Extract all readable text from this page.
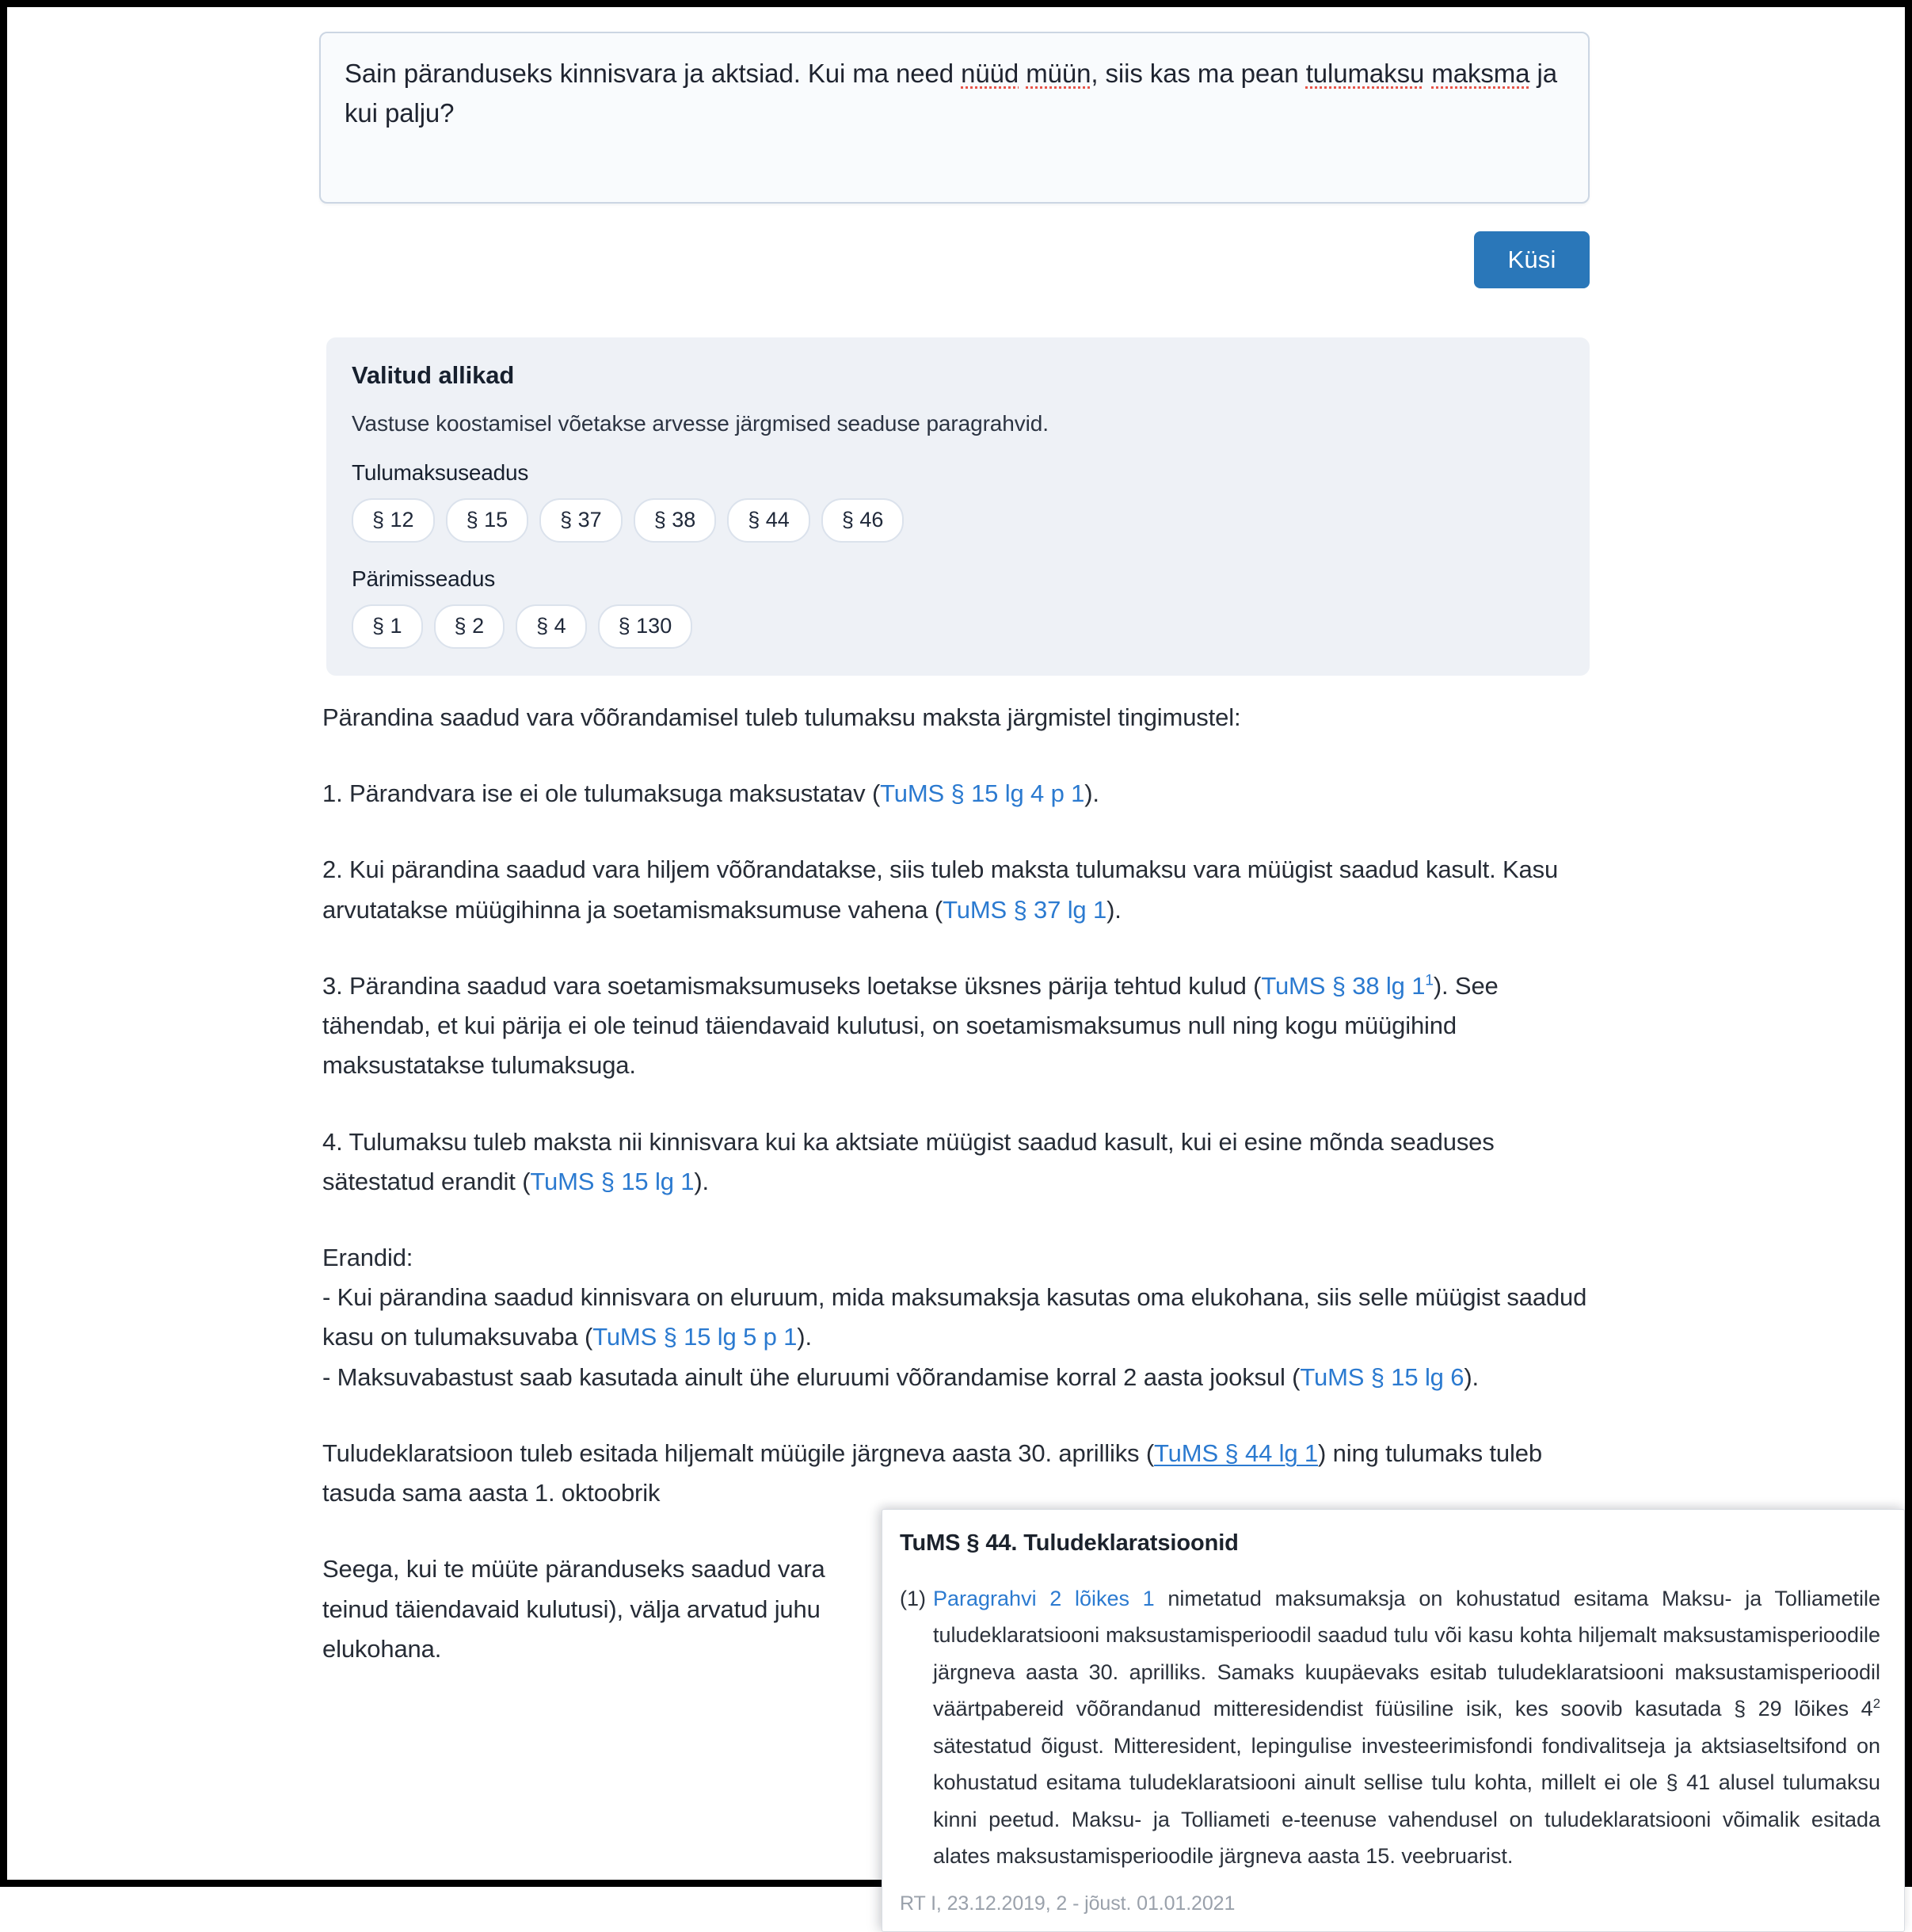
Sain päranduseks kinnisvara ja aktsiad. Kui ma need nüüd müün, siis kas ma pean tulumaksu maksma ja kui palju?
Küsi
Valitud allikad
Vastuse koostamisel võetakse arvesse järgmised seaduse paragrahvid.
Tulumaksuseadus
§ 12	§ 15	§ 37	§ 38	§ 44	§ 46
Pärimisseadus
§ 1	§ 2	§ 4	§ 130

Pärandina saadud vara võõrandamisel tuleb tulumaksu maksta järgmistel tingimustel:

1. Pärandvara ise ei ole tulumaksuga maksustatav (TuMS § 15 lg 4 p 1).

2. Kui pärandina saadud vara hiljem võõrandatakse, siis tuleb maksta tulumaksu vara müügist saadud kasult. Kasu arvutatakse müügihinna ja soetamismaksumuse vahena (TuMS § 37 lg 1).

3. Pärandina saadud vara soetamismaksumuseks loetakse üksnes pärija tehtud kulud (TuMS § 38 $\lg 1^1$). See tähendab, et kui pärija ei ole teinud täiendavaid kulutusi, on soetamismaksumus null ning kogu müügihind maksustatakse tulumaksuga.

4. Tulumaksu tuleb maksta nii kinnisvara kui ka aktsiate müügist saadud kasult, kui ei esine mõnda seaduses sätestatud erandit (TuMS § 15 lg 1).

Erandid:

- Kui pärandina saadud kinnisvara on eluruum, mida maksumaksja kasutas oma elukohana, siis selle müügist saadud kasu on tulumaksuvaba (TuMS § 15 lg 5 p 1).

- Maksuvabastust saab kasutada ainult ühe eluruumi võõrandamise korral 2 aasta jooksul (TuMS § 15 lg 6).

Tuludeklaratsioon tuleb esitada hiljemalt müügile järgneva aasta 30. aprilliks (TuMS § 44 lg 1) ning tulumaks tuleb tasuda sama aasta 1. oktoobrik

Seega, kui te müüte päranduseks saadud vara

teinud täiendavaid kulutusi), välja arvatud juhu

elukohana.

TuMS § 44. Tuludeklaratsioonid
(1) Paragrahvi 2 lõikes 1 nimetatud maksumaksja on kohustatud esitama Maksu- ja Tolliametile tuludeklaratsiooni maksustamisperioodil saadud tulu või kasu kohta hiljemalt maksustamisperioodile järgneva aasta 30. aprilliks. Samaks kuupäevaks esitab tuludeklaratsiooni maksustamisperioodil väärtpabereid võõrandanud mitteresidendist füüsiline isik, kes soovib kasutada § 29 lõikes $4^2$ sätestatud õigust. Mitteresident, lepingulise investeerimisfondi fondivalitseja ja aktsiaseltsifond on kohustatud esitama tuludeklaratsiooni ainult sellise tulu kohta, millelt ei ole § 41 alusel tulumaksu kinni peetud. Maksu- ja Tolliameti e-teenuse vahendusel on tuludeklaratsiooni võimalik esitada alates maksustamisperioodile järgneva aasta 15. veebruarist.
RT I, 23.12.2019, 2 - jõust. 01.01.2021
